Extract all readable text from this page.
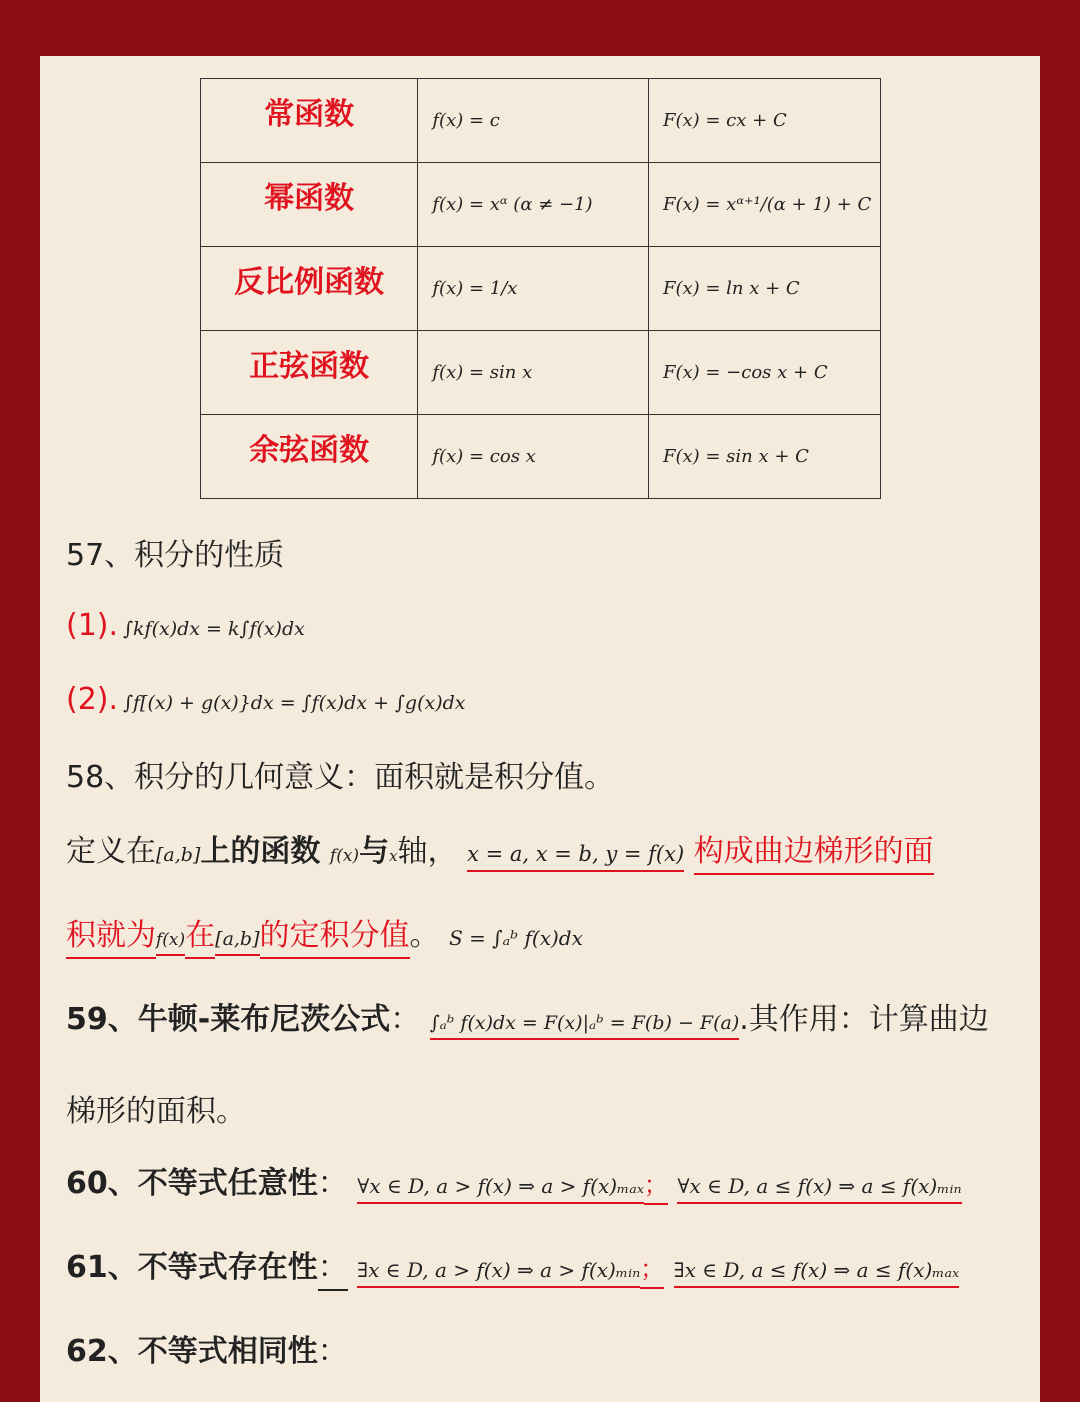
常函数	f(x) = c	F(x) = cx + C
幂函数	f(x) = xᵅ (α ≠ −1)	F(x) = xᵅ⁺¹/(α + 1) + C
反比例函数	f(x) = 1/x	F(x) = ln x + C
正弦函数	f(x) = sin x	F(x) = −cos x + C
余弦函数	f(x) = cos x	F(x) = sin x + C
57、积分的性质
(1). ∫kf(x)dx = k∫f(x)dx
(2). ∫f[(x) + g(x)}dx = ∫f(x)dx + ∫g(x)dx
58、积分的几何意义：面积就是积分值。
定义在[a,b]上的函数 f(x)与x轴， x = a, x = b, y = f(x) 构成曲边梯形的面
积就为f(x)在[a,b]的定积分值。 S = ∫ₐᵇ f(x)dx
59、牛顿-莱布尼茨公式： ∫ₐᵇ f(x)dx = F(x)|ₐᵇ = F(b) − F(a).其作用：计算曲边
梯形的面积。
60、不等式任意性： ∀x ∈ D, a > f(x) ⇒ a > f(x)ₘₐₓ； ∀x ∈ D, a ≤ f(x) ⇒ a ≤ f(x)ₘᵢₙ
61、不等式存在性： ∃x ∈ D, a > f(x) ⇒ a > f(x)ₘᵢₙ； ∃x ∈ D, a ≤ f(x) ⇒ a ≤ f(x)ₘₐₓ
62、不等式相同性：
